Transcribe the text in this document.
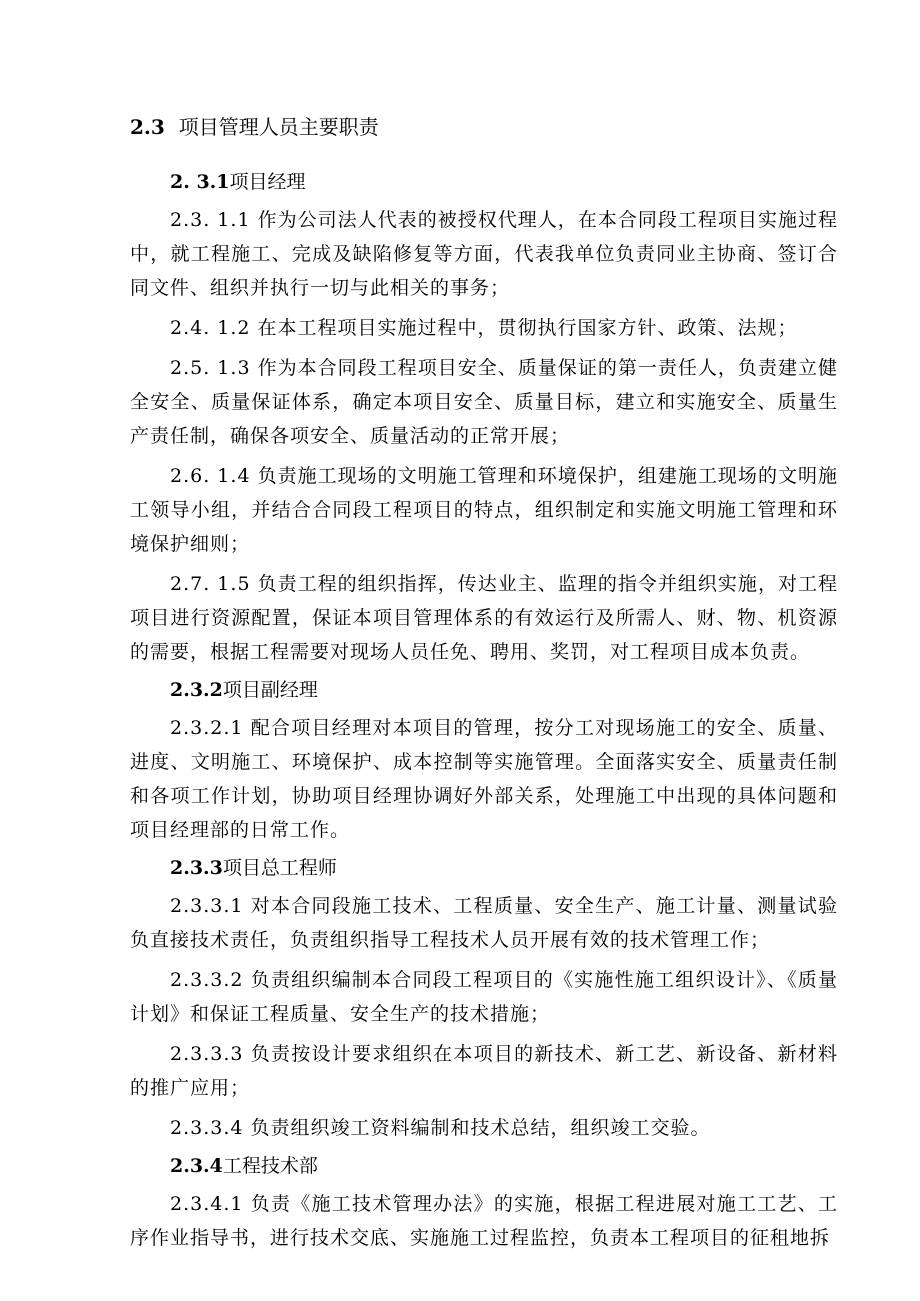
2.3 项目管理人员主要职责
2. 3.1项目经理

2.3. 1.1 作为公司法人代表的被授权代理人，在本合同段工程项目实施过程中，就工程施工、完成及缺陷修复等方面，代表我单位负责同业主协商、签订合同文件、组织并执行一切与此相关的事务；

2.4. 1.2 在本工程项目实施过程中，贯彻执行国家方针、政策、法规；

2.5. 1.3 作为本合同段工程项目安全、质量保证的第一责任人，负责建立健全安全、质量保证体系，确定本项目安全、质量目标，建立和实施安全、质量生产责任制，确保各项安全、质量活动的正常开展；

2.6. 1.4 负责施工现场的文明施工管理和环境保护，组建施工现场的文明施工领导小组，并结合合同段工程项目的特点，组织制定和实施文明施工管理和环境保护细则；

2.7. 1.5 负责工程的组织指挥，传达业主、监理的指令并组织实施，对工程项目进行资源配置，保证本项目管理体系的有效运行及所需人、财、物、机资源的需要，根据工程需要对现场人员任免、聘用、奖罚，对工程项目成本负责。

2.3.2项目副经理

2.3.2.1 配合项目经理对本项目的管理，按分工对现场施工的安全、质量、进度、文明施工、环境保护、成本控制等实施管理。全面落实安全、质量责任制和各项工作计划，协助项目经理协调好外部关系，处理施工中出现的具体问题和项目经理部的日常工作。

2.3.3项目总工程师

2.3.3.1 对本合同段施工技术、工程质量、安全生产、施工计量、测量试验负直接技术责任，负责组织指导工程技术人员开展有效的技术管理工作；

2.3.3.2 负责组织编制本合同段工程项目的《实施性施工组织设计》、《质量计划》和保证工程质量、安全生产的技术措施；

2.3.3.3 负责按设计要求组织在本项目的新技术、新工艺、新设备、新材料的推广应用；

2.3.3.4 负责组织竣工资料编制和技术总结，组织竣工交验。

2.3.4工程技术部

2.3.4.1 负责《施工技术管理办法》的实施，根据工程进展对施工工艺、工序作业指导书，进行技术交底、实施施工过程监控，负责本工程项目的征租地拆
